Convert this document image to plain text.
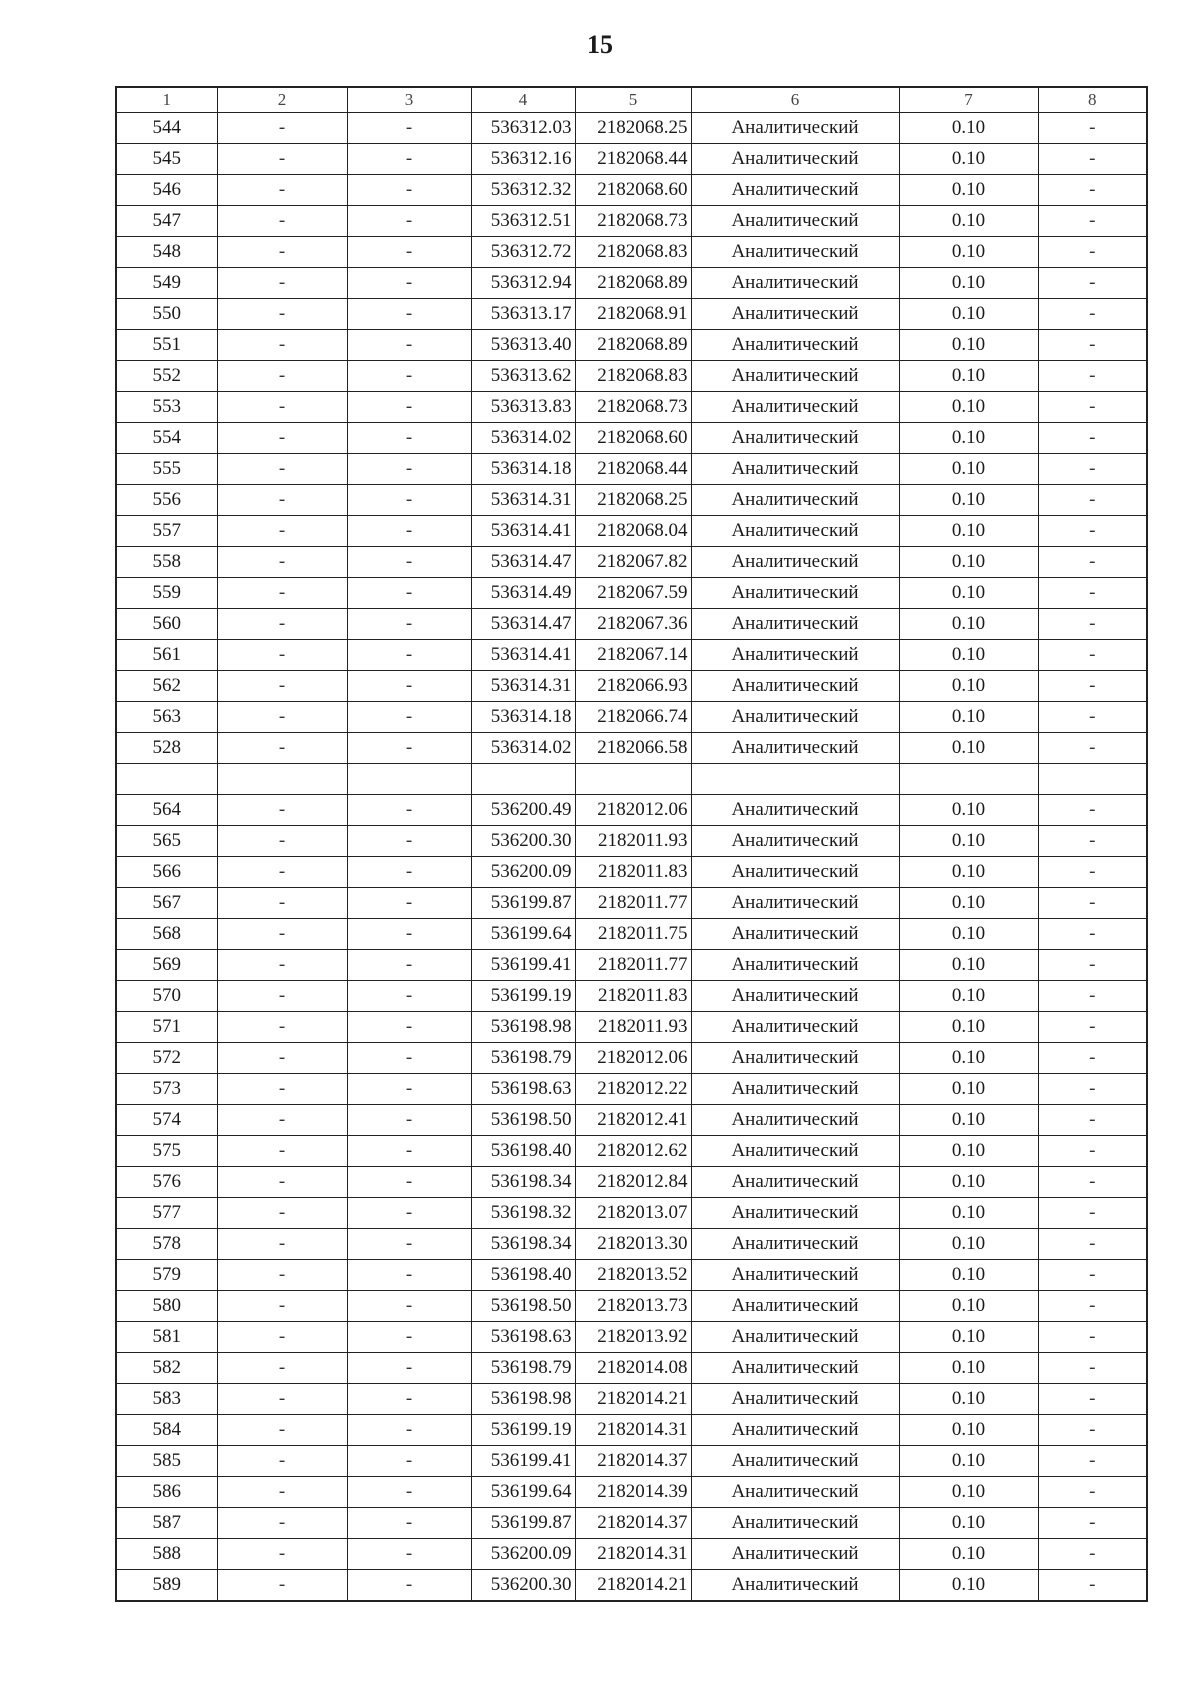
15
1	2	3	4	5	6	7	8
544	-	-	536312.03	2182068.25	Аналитический	0.10	-
545	-	-	536312.16	2182068.44	Аналитический	0.10	-
546	-	-	536312.32	2182068.60	Аналитический	0.10	-
547	-	-	536312.51	2182068.73	Аналитический	0.10	-
548	-	-	536312.72	2182068.83	Аналитический	0.10	-
549	-	-	536312.94	2182068.89	Аналитический	0.10	-
550	-	-	536313.17	2182068.91	Аналитический	0.10	-
551	-	-	536313.40	2182068.89	Аналитический	0.10	-
552	-	-	536313.62	2182068.83	Аналитический	0.10	-
553	-	-	536313.83	2182068.73	Аналитический	0.10	-
554	-	-	536314.02	2182068.60	Аналитический	0.10	-
555	-	-	536314.18	2182068.44	Аналитический	0.10	-
556	-	-	536314.31	2182068.25	Аналитический	0.10	-
557	-	-	536314.41	2182068.04	Аналитический	0.10	-
558	-	-	536314.47	2182067.82	Аналитический	0.10	-
559	-	-	536314.49	2182067.59	Аналитический	0.10	-
560	-	-	536314.47	2182067.36	Аналитический	0.10	-
561	-	-	536314.41	2182067.14	Аналитический	0.10	-
562	-	-	536314.31	2182066.93	Аналитический	0.10	-
563	-	-	536314.18	2182066.74	Аналитический	0.10	-
528	-	-	536314.02	2182066.58	Аналитический	0.10	-

564	-	-	536200.49	2182012.06	Аналитический	0.10	-
565	-	-	536200.30	2182011.93	Аналитический	0.10	-
566	-	-	536200.09	2182011.83	Аналитический	0.10	-
567	-	-	536199.87	2182011.77	Аналитический	0.10	-
568	-	-	536199.64	2182011.75	Аналитический	0.10	-
569	-	-	536199.41	2182011.77	Аналитический	0.10	-
570	-	-	536199.19	2182011.83	Аналитический	0.10	-
571	-	-	536198.98	2182011.93	Аналитический	0.10	-
572	-	-	536198.79	2182012.06	Аналитический	0.10	-
573	-	-	536198.63	2182012.22	Аналитический	0.10	-
574	-	-	536198.50	2182012.41	Аналитический	0.10	-
575	-	-	536198.40	2182012.62	Аналитический	0.10	-
576	-	-	536198.34	2182012.84	Аналитический	0.10	-
577	-	-	536198.32	2182013.07	Аналитический	0.10	-
578	-	-	536198.34	2182013.30	Аналитический	0.10	-
579	-	-	536198.40	2182013.52	Аналитический	0.10	-
580	-	-	536198.50	2182013.73	Аналитический	0.10	-
581	-	-	536198.63	2182013.92	Аналитический	0.10	-
582	-	-	536198.79	2182014.08	Аналитический	0.10	-
583	-	-	536198.98	2182014.21	Аналитический	0.10	-
584	-	-	536199.19	2182014.31	Аналитический	0.10	-
585	-	-	536199.41	2182014.37	Аналитический	0.10	-
586	-	-	536199.64	2182014.39	Аналитический	0.10	-
587	-	-	536199.87	2182014.37	Аналитический	0.10	-
588	-	-	536200.09	2182014.31	Аналитический	0.10	-
589	-	-	536200.30	2182014.21	Аналитический	0.10	-
